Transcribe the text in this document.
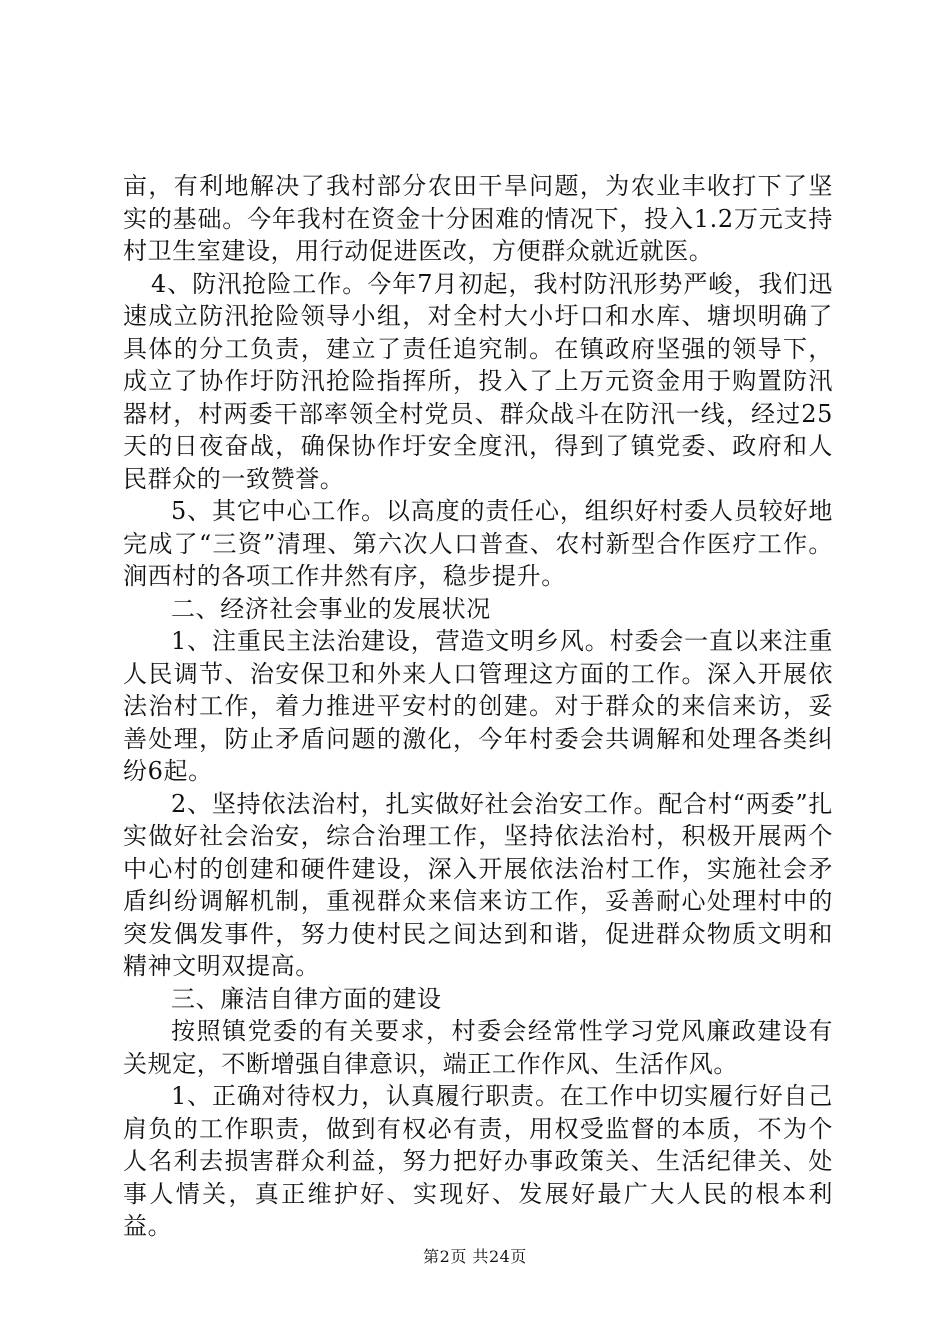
亩，有利地解决了我村部分农田干旱问题，为农业丰收打下了坚实的基础。今年我村在资金十分困难的情况下，投入1.2万元支持村卫生室建设，用行动促进医改，方便群众就近就医。

4、防汛抢险工作。今年7月初起，我村防汛形势严峻，我们迅速成立防汛抢险领导小组，对全村大小圩口和水库、塘坝明确了具体的分工负责，建立了责任追究制。在镇政府坚强的领导下，成立了协作圩防汛抢险指挥所，投入了上万元资金用于购置防汛器材，村两委干部率领全村党员、群众战斗在防汛一线，经过25天的日夜奋战，确保协作圩安全度汛，得到了镇党委、政府和人民群众的一致赞誉。

5、其它中心工作。以高度的责任心，组织好村委人员较好地完成了“三资”清理、第六次人口普查、农村新型合作医疗工作。涧西村的各项工作井然有序，稳步提升。

二、经济社会事业的发展状况

1、注重民主法治建设，营造文明乡风。村委会一直以来注重人民调节、治安保卫和外来人口管理这方面的工作。深入开展依法治村工作，着力推进平安村的创建。对于群众的来信来访，妥善处理，防止矛盾问题的激化，今年村委会共调解和处理各类纠纷6起。

2、坚持依法治村，扎实做好社会治安工作。配合村“两委”扎实做好社会治安，综合治理工作，坚持依法治村，积极开展两个中心村的创建和硬件建设，深入开展依法治村工作，实施社会矛盾纠纷调解机制，重视群众来信来访工作，妥善耐心处理村中的突发偶发事件，努力使村民之间达到和谐，促进群众物质文明和精神文明双提高。

三、廉洁自律方面的建设

按照镇党委的有关要求，村委会经常性学习党风廉政建设有关规定，不断增强自律意识，端正工作作风、生活作风。

1、正确对待权力，认真履行职责。在工作中切实履行好自己肩负的工作职责，做到有权必有责，用权受监督的本质，不为个人名利去损害群众利益，努力把好办事政策关、生活纪律关、处事人情关，真正维护好、实现好、发展好最广大人民的根本利益。

第2页 共24页
